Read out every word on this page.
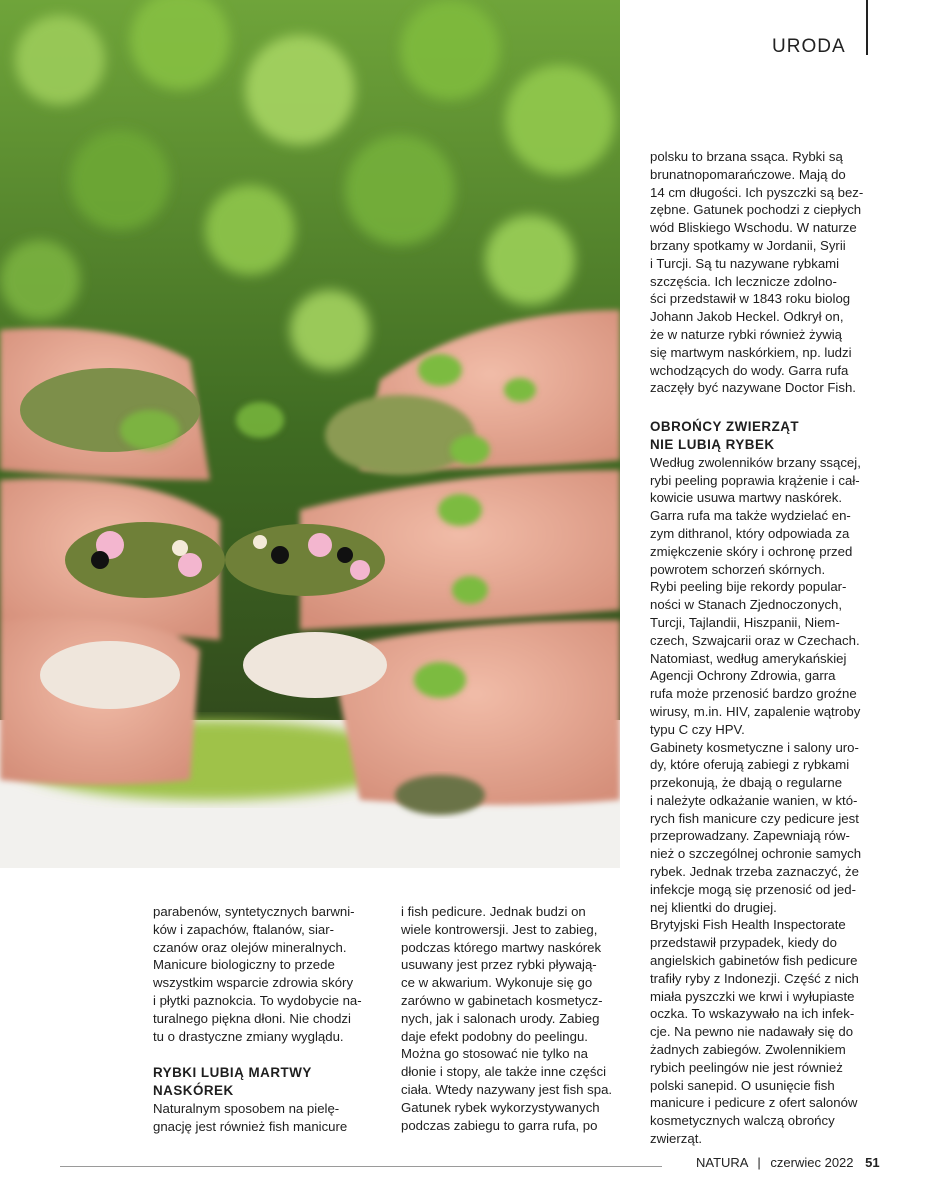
URODA

parabenów, syntetycznych barwni-
ków i zapachów, ftalanów, siar-
czanów oraz olejów mineralnych.
Manicure biologiczny to przede
wszystkim wsparcie zdrowia skóry
i płytki paznokcia. To wydobycie na-
turalnego piękna dłoni. Nie chodzi
tu o drastyczne zmiany wyglądu.

RYBKI LUBIĄ MARTWY
NASKÓREK

Naturalnym sposobem na pielę-
gnację jest również fish manicure

i fish pedicure. Jednak budzi on
wiele kontrowersji. Jest to zabieg,
podczas którego martwy naskórek
usuwany jest przez rybki pływają-
ce w akwarium. Wykonuje się go
zarówno w gabinetach kosmetycz-
nych, jak i salonach urody. Zabieg
daje efekt podobny do peelingu.
Można go stosować nie tylko na
dłonie i stopy, ale także inne części
ciała. Wtedy nazywany jest fish spa.
Gatunek rybek wykorzystywanych
podczas zabiegu to garra rufa, po

polsku to brzana ssąca. Rybki są
brunatnopomarańczowe. Mają do
14 cm długości. Ich pyszczki są bez-
zębne. Gatunek pochodzi z ciepłych
wód Bliskiego Wschodu. W naturze
brzany spotkamy w Jordanii, Syrii
i Turcji. Są tu nazywane rybkami
szczęścia. Ich lecznicze zdolno-
ści przedstawił w 1843 roku biolog
Johann Jakob Heckel. Odkrył on,
że w naturze rybki również żywią
się martwym naskórkiem, np. ludzi
wchodzących do wody. Garra rufa
zaczęły być nazywane Doctor Fish.

OBROŃCY ZWIERZĄT
NIE LUBIĄ RYBEK

Według zwolenników brzany ssącej,
rybi peeling poprawia krążenie i cał-
kowicie usuwa martwy naskórek.
Garra rufa ma także wydzielać en-
zym dithranol, który odpowiada za
zmiękczenie skóry i ochronę przed
powrotem schorzeń skórnych.
Rybi peeling bije rekordy popular-
ności w Stanach Zjednoczonych,
Turcji, Tajlandii, Hiszpanii, Niem-
czech, Szwajcarii oraz w Czechach.
Natomiast, według amerykańskiej
Agencji Ochrony Zdrowia, garra
rufa może przenosić bardzo groźne
wirusy, m.in. HIV, zapalenie wątroby
typu C czy HPV.
Gabinety kosmetyczne i salony uro-
dy, które oferują zabiegi z rybkami
przekonują, że dbają o regularne
i należyte odkażanie wanien, w któ-
rych fish manicure czy pedicure jest
przeprowadzany. Zapewniają rów-
nież o szczególnej ochronie samych
rybek. Jednak trzeba zaznaczyć, że
infekcje mogą się przenosić od jed-
nej klientki do drugiej.
Brytyjski Fish Health Inspectorate
przedstawił przypadek, kiedy do
angielskich gabinetów fish pedicure
trafiły ryby z Indonezji. Część z nich
miała pyszczki we krwi i wyłupiaste
oczka. To wskazywało na ich infek-
cje. Na pewno nie nadawały się do
żadnych zabiegów. Zwolennikiem
rybich peelingów nie jest również
polski sanepid. O usunięcie fish
manicure i pedicure z ofert salonów
kosmetycznych walczą obrońcy
zwierząt.

NATURA | czerwiec 2022 51
